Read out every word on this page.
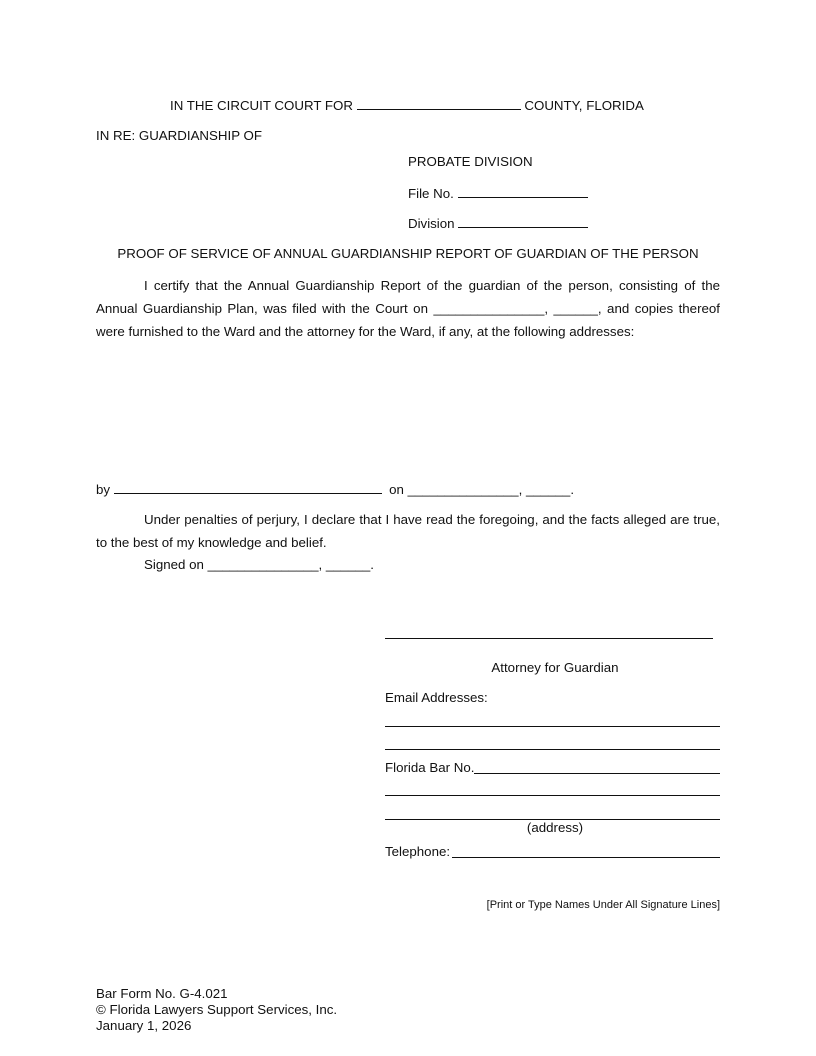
IN THE CIRCUIT COURT FOR	COUNTY, FLORIDA
IN RE: GUARDIANSHIP OF
PROBATE DIVISION
File No.
Division
PROOF OF SERVICE OF ANNUAL GUARDIANSHIP REPORT OF GUARDIAN OF THE PERSON
I certify that the Annual Guardianship Report of the guardian of the person, consisting of the Annual Guardianship Plan, was filed with the Court on _______________, ______, and copies thereof were furnished to the Ward and the attorney for the Ward, if any, at the following addresses:
by	on _______________, ______.
Under penalties of perjury, I declare that I have read the foregoing, and the facts alleged are true, to the best of my knowledge and belief.
Signed on _______________, ______.
Attorney for Guardian
Email Addresses:
Florida Bar No.
(address)
Telephone:
[Print or Type Names Under All Signature Lines]
Bar Form No. G-4.021
© Florida Lawyers Support Services, Inc.
January 1, 2026
